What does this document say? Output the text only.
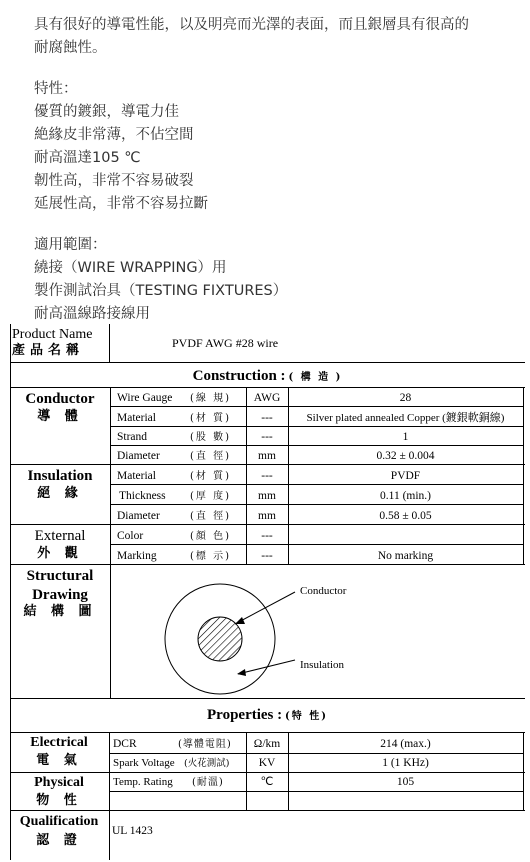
具有很好的導電性能，以及明亮而光澤的表面，而且銀層具有很高的
耐腐蝕性。

特性：
優質的鍍銀，導電力佳
絶緣皮非常薄，不佔空間
耐高溫達105 ℃
韌性高，非常不容易破裂
延展性高，非常不容易拉斷

適用範圍：
繞接（WIRE WRAPPING）用
製作測試治具（TESTING FIXTURES）
耐高溫線路接線用

Product Name
產品名稱	PVDF AWG #28 wire
Construction : ( 構 造 )
Conductor
導 體
Wire Gauge (線 規)	AWG	28
Material	(材 質)	---	Silver plated annealed Copper (鍍銀軟銅線)
Strand	(股 數)	---	1
Diameter	(直 徑)	mm	0.32 ± 0.004
Insulation
絕 緣
Material	(材 質)	---	PVDF
Thickness (厚 度)	mm	0.11 (min.)
Diameter	(直 徑)	mm	0.58 ± 0.05
External
外 觀
Color	(顏 色)	---
Marking	(標 示)	---	No marking
Structural
Drawing
結 構 圖
Conductor
Insulation
Properties : (特 性)
Electrical
電 氣
DCR	(導體電阻)	Ω/km	214 (max.)
Spark Voltage (火花測試)	KV	1 (1 KHz)
Physical
物 性
Temp. Rating (耐溫)	℃	105
Qualification
認 證
UL 1423
